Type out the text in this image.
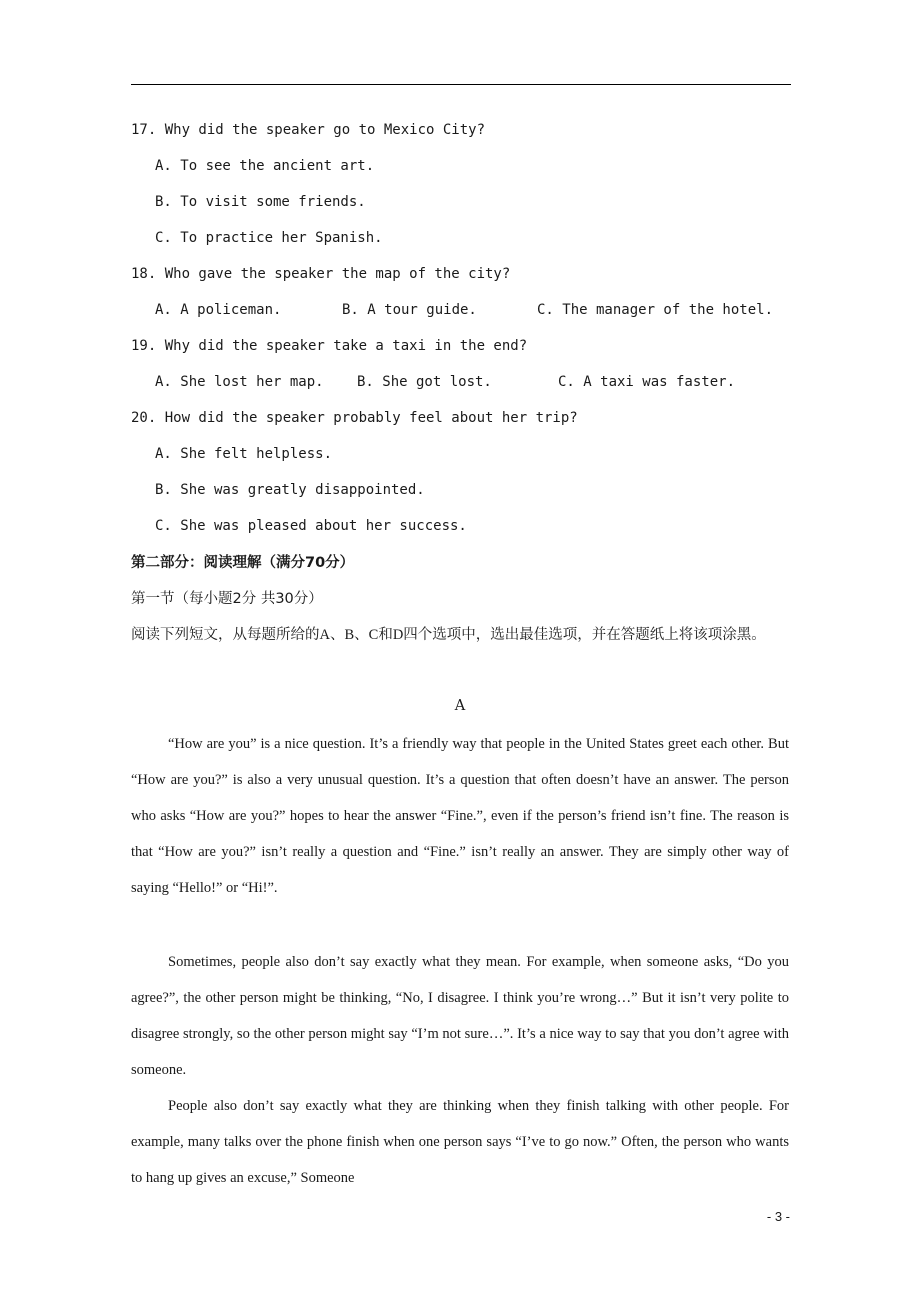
17. Why did the speaker go to Mexico City?
A. To see the ancient art.
B. To visit some friends.
C. To practice her Spanish.
18. Who gave the speaker the map of the city?
A. A policeman.	B. A tour guide.	C. The manager of the hotel.
19. Why did the speaker take a taxi in the end?
A. She lost her map. B. She got lost.	C. A taxi was faster.
20. How did the speaker probably feel about her trip?
A. She felt helpless.
B. She was greatly disappointed.
C. She was pleased about her success.
第二部分：阅读理解（满分70分）
第一节（每小题2分 共30分）
阅读下列短文，从每题所给的A、B、C和D四个选项中，选出最佳选项，并在答题纸上将该项涂黑。
A

“How are you” is a nice question. It’s a friendly way that people in the United States greet each other. But “How are you?” is also a very unusual question. It’s a question that often doesn’t have an answer. The person who asks “How are you?” hopes to hear the answer “Fine.”, even if the person’s friend isn’t fine. The reason is that “How are you?” isn’t really a question and “Fine.” isn’t really an answer. They are simply other way of saying “Hello!” or “Hi!”.

Sometimes, people also don’t say exactly what they mean. For example, when someone asks, “Do you agree?”, the other person might be thinking, “No, I disagree. I think you’re wrong…” But it isn’t very polite to disagree strongly, so the other person might say “I’m not sure…”. It’s a nice way to say that you don’t agree with someone.

People also don’t say exactly what they are thinking when they finish talking with other people. For example, many talks over the phone finish when one person says “I’ve to go now.” Often, the person who wants to hang up gives an excuse,” Someone

- 3 -
